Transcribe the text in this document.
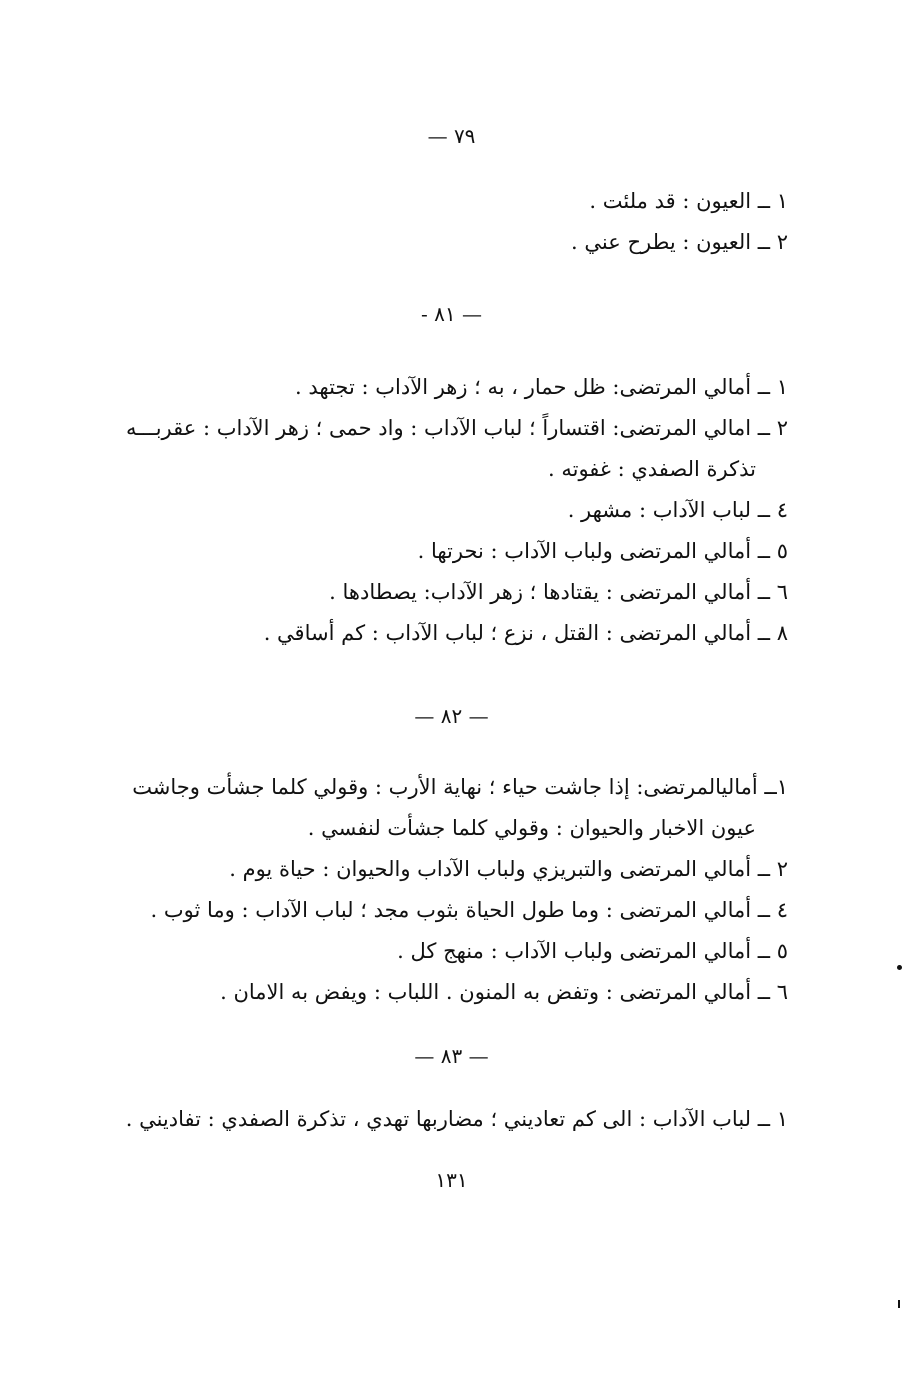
— ٧٩
١ ــ العيون : قد ملئت .
٢ ــ العيون : يطرح عني .
- ٨١ —
١ ــ أمالي المرتضى: ظل حمار ، به ؛ زهر الآداب : تجتهد .
٢ ــ امالي المرتضى: اقتساراً ؛ لباب الآداب : واد حمى ؛ زهر الآداب : عقربـــه
تذكرة الصفدي : غفوته .
٤ ــ لباب الآداب : مشهر .
٥ ــ أمالي المرتضى ولباب الآداب : نحرتها .
٦ ــ أمالي المرتضى : يقتادها ؛ زهر الآداب: يصطادها .
٨ ــ أمالي المرتضى : القتل ، نزع ؛ لباب الآداب : كم أساقي .
— ٨٢ —
١ــ أماليالمرتضى: إذا جاشت حياء ؛ نهاية الأرب : وقولي كلما جشأت وجاشت
عيون الاخبار والحيوان : وقولي كلما جشأت لنفسي .
٢ ــ أمالي المرتضى والتبريزي ولباب الآداب والحيوان : حياة يوم .
٤ ــ أمالي المرتضى : وما طول الحياة بثوب مجد ؛ لباب الآداب : وما ثوب .
٥ ــ أمالي المرتضى ولباب الآداب : منهج كل .
٦ ــ أمالي المرتضى : وتفض به المنون . اللباب : ويفض به الامان .
— ٨٣ —
١ ــ لباب الآداب : الى كم تعاديني ؛ مضاربها تهدي ، تذكرة الصفدي : تفاديني .
١٣١
